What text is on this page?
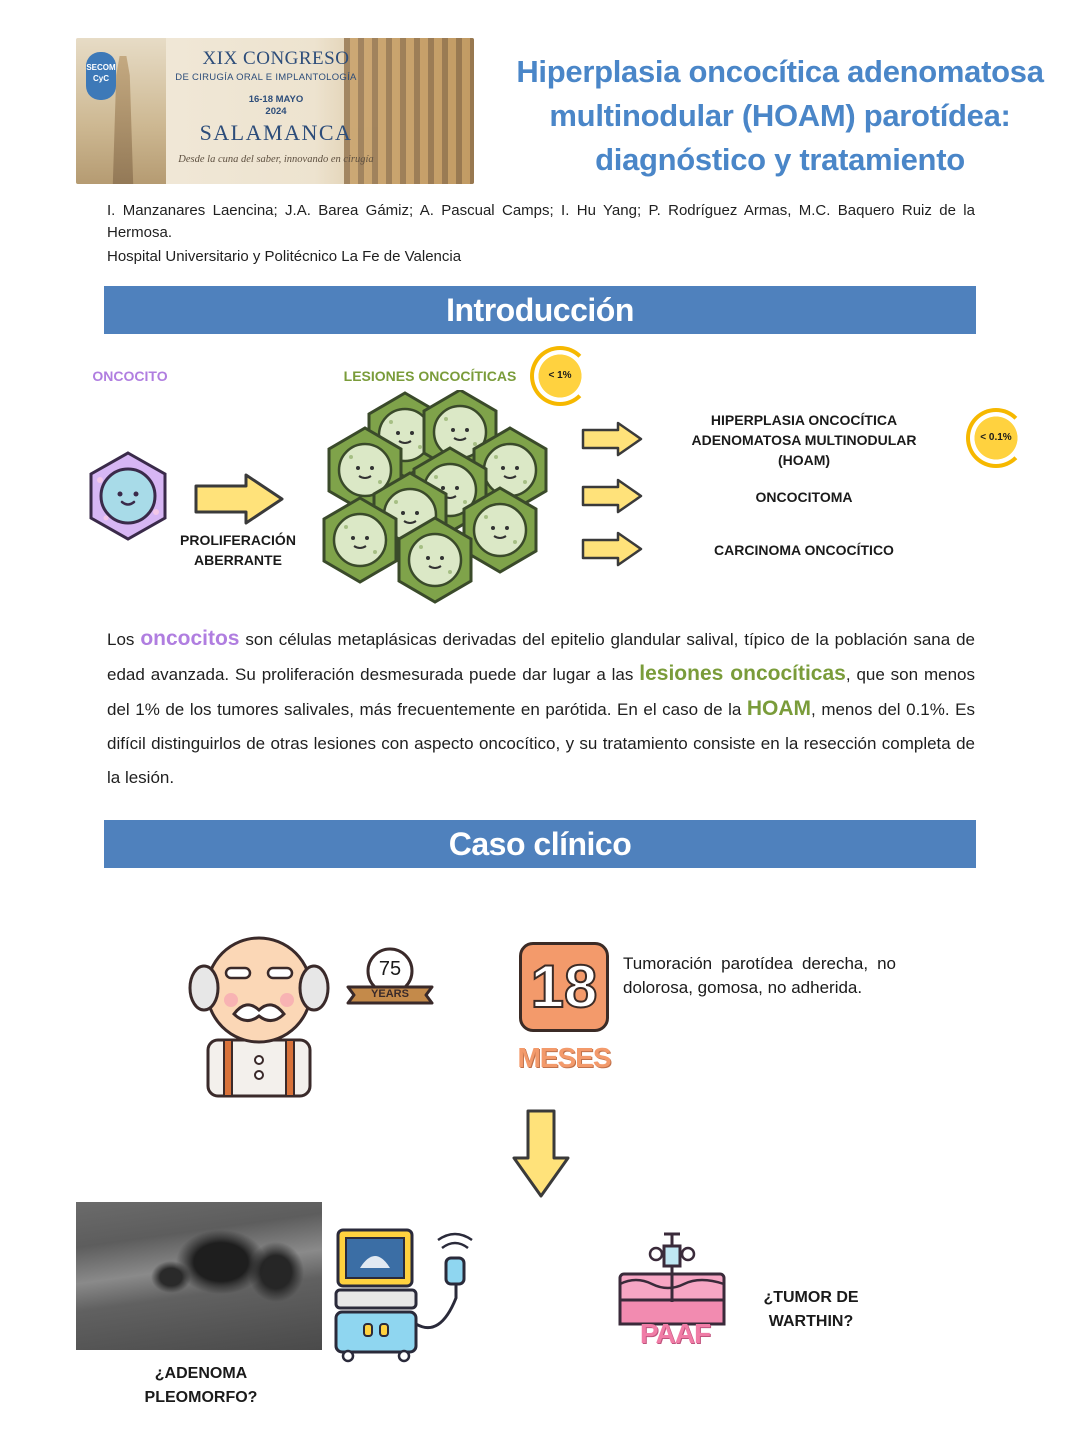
SECOM CyC
XIX CONGRESO
DE CIRUGÍA ORAL E IMPLANTOLOGÍA
16-18 MAYO
2024
SALAMANCA
Desde la cuna del saber, innovando en cirugía
Hiperplasia oncocítica adenomatosa multinodular (HOAM) parotídea: diagnóstico y tratamiento
I. Manzanares Laencina; J.A. Barea Gámiz; A. Pascual Camps; I. Hu Yang; P. Rodríguez Armas, M.C. Baquero Ruiz de la Hermosa.
Hospital Universitario y Politécnico La Fe de Valencia
Introducción
ONCOCITO	LESIONES ONCOCÍTICAS	< 1%
PROLIFERACIÓN ABERRANTE
HIPERPLASIA ONCOCÍTICA ADENOMATOSA MULTINODULAR (HOAM)
< 0.1%
ONCOCITOMA
CARCINOMA ONCOCÍTICO
Los oncocitos son células metaplásicas derivadas del epitelio glandular salival, típico de la población sana de edad avanzada. Su proliferación desmesurada puede dar lugar a las lesiones oncocíticas, que son menos del 1% de los tumores salivales, más frecuentemente en parótida. En el caso de la HOAM, menos del 0.1%. Es difícil distinguirlos de otras lesiones con aspecto oncocítico, y su tratamiento consiste en la resección completa de la lesión.
Caso clínico
75
YEARS 18
MESES
Tumoración parotídea derecha, no dolorosa, gomosa, no adherida.
¿ADENOMA PLEOMORFO?
PAAF
¿TUMOR DE WARTHIN?
